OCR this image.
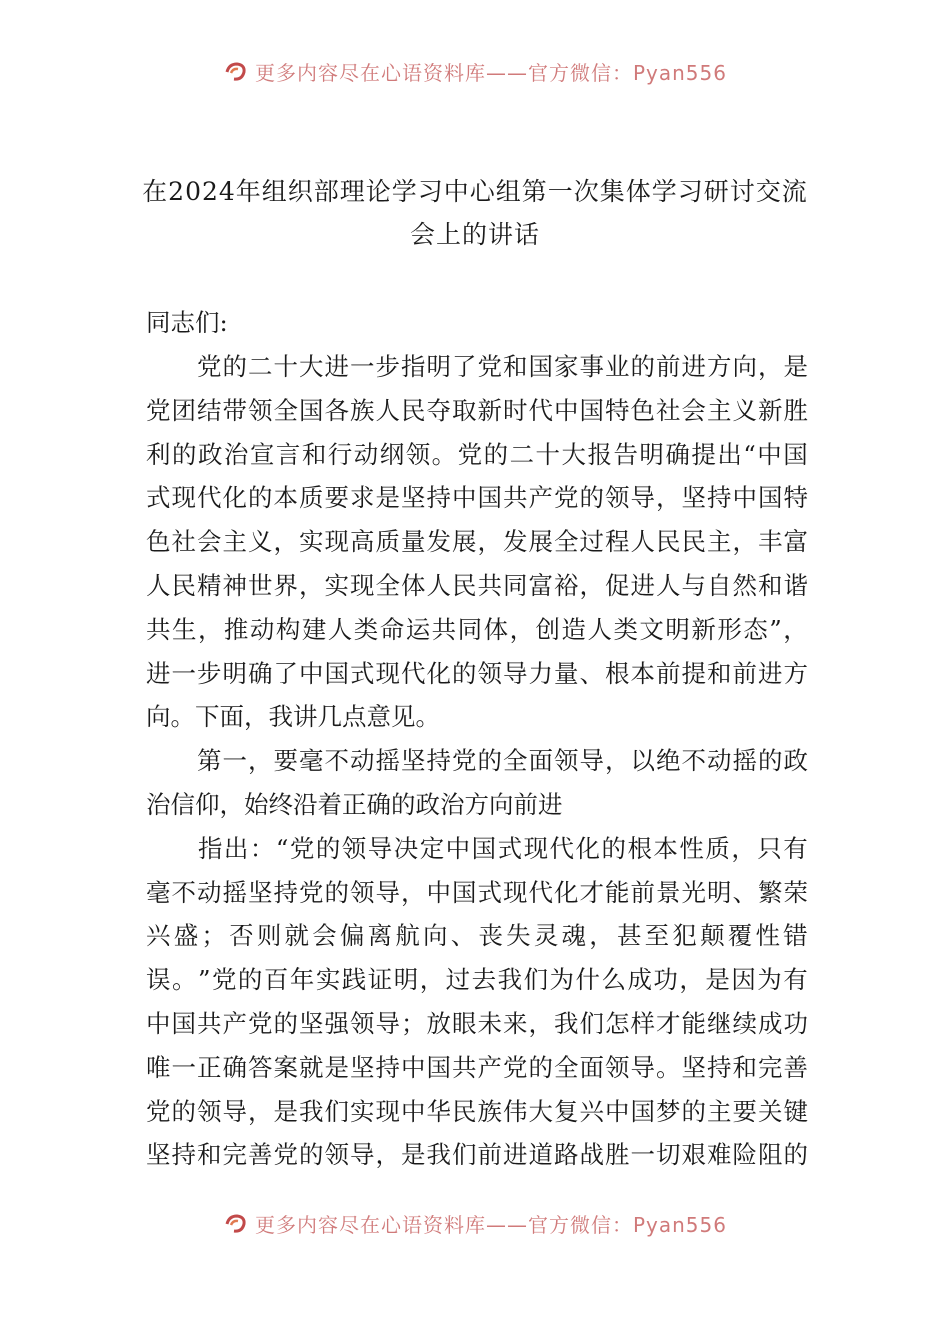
更多内容尽在心语资料库——官方微信：Pyan556
在2024年组织部理论学习中心组第一次集体学习研讨交流
会上的讲话
同志们:

党 的 二 十 大 进 一 步 指 明 了 党 和 国 家 事 业 的 前 进 方 向 ， 是
党 团 结 带 领 全 国 各 族 人 民 夺 取 新 时 代 中 国 特 色 社 会 主 义 新 胜
利 的 政 治 宣 言 和 行 动 纲 领 。 党 的 二 十 大 报 告 明 确 提 出 “ 中 国
式 现 代 化 的 本 质 要 求 是 坚 持 中 国 共 产 党 的 领 导 ， 坚 持 中 国 特
色 社 会 主 义 ， 实 现 高 质 量 发 展 ， 发 展 全 过 程 人 民 民 主 ， 丰 富
人 民 精 神 世 界 ， 实 现 全 体 人 民 共 同 富 裕 ， 促 进 人 与 自 然 和 谐
共 生 ， 推 动 构 建 人 类 命 运 共 同 体 ， 创 造 人 类 文 明 新 形 态 ” ，
进 一 步 明 确 了 中 国 式 现 代 化 的 领 导 力 量 、 根 本 前 提 和 前 进 方
向。下面，我讲几点意见。

第 一 ， 要 毫 不 动 摇 坚 持 党 的 全 面 领 导 ， 以 绝 不 动 摇 的 政
治信仰，始终沿着正确的政治方向前进

指 出 ： “ 党 的 领 导 决 定 中 国 式 现 代 化 的 根 本 性 质 ， 只 有
毫 不 动 摇 坚 持 党 的 领 导 ， 中 国 式 现 代 化 才 能 前 景 光 明 、 繁 荣
兴 盛 ； 否 则 就 会 偏 离 航 向 、 丧 失 灵 魂 ， 甚 至 犯 颠 覆 性 错
误 。 ” 党 的 百 年 实 践 证 明 ， 过 去 我 们 为 什 么 成 功 ， 是 因 为 有
中 国 共 产 党 的 坚 强 领 导 ； 放 眼 未 来 ， 我 们 怎 样 才 能 继 续 成 功
唯 一 正 确 答 案 就 是 坚 持 中 国 共 产 党 的 全 面 领 导 。 坚 持 和 完 善
党 的 领 导 ， 是 我 们 实 现 中 华 民 族 伟 大 复 兴 中 国 梦 的 主 要 关 键
坚 持 和 完 善 党 的 领 导 ， 是 我 们 前 进 道 路 战 胜 一 切 艰 难 险 阻 的
更多内容尽在心语资料库——官方微信：Pyan556
